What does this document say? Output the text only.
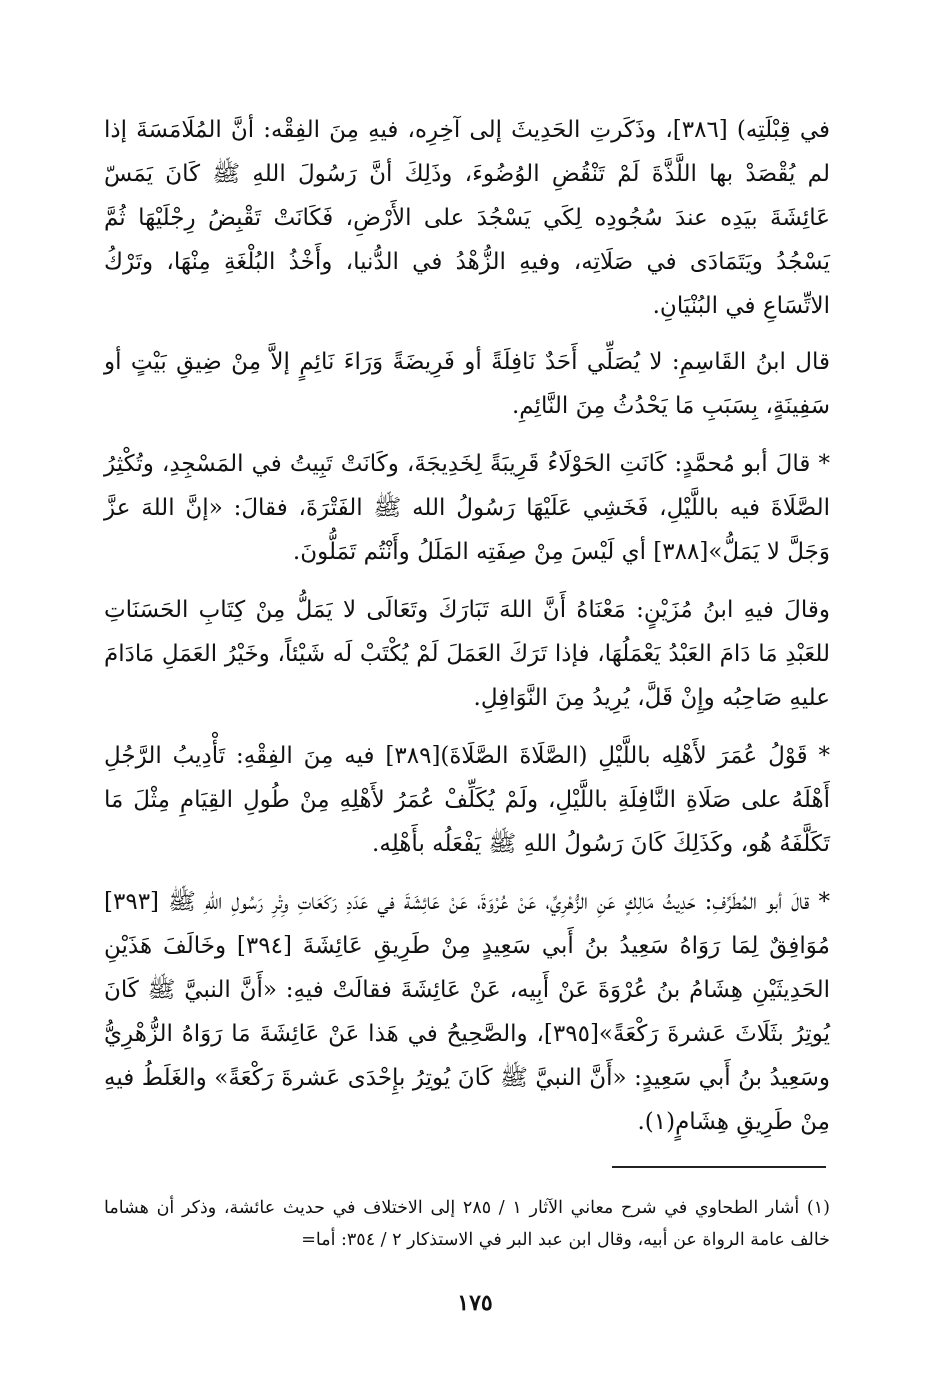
في قِبْلَتِه) [٣٨٦]، وذَكَرتِ الحَدِيثَ إلى آخِرِه، فيهِ مِنَ الفِقْه: أنَّ المُلَامَسَةَ إذا لم يُقْصَدْ بها اللَّذَّةَ لَمْ تَنْقُضِ الوُضُوءَ، وذَلِكَ أنَّ رَسُولَ اللهِ ﷺ كَانَ يَمَسّ عَائِشَةَ بيَدِه عندَ سُجُودِه لِكَي يَسْجُدَ على الأَرْضِ، فَكَانَتْ تَقْبِضُ رِجْلَيْهَا ثُمَّ يَسْجُدُ ويَتَمَادَى في صَلَاتِه، وفيهِ الزُّهْدُ في الدُّنيا، وأَخْذُ البُلْغَةِ مِنْهَا، وتَرْكُ الاتِّسَاعِ في البُنْيَانِ.

قال ابنُ القَاسِمِ: لا يُصَلِّي أَحَدٌ نَافِلَةً أو فَرِيضَةً وَرَاءَ نَائِمٍ إلاَّ مِنْ ضِيقِ بَيْتٍ أو سَفِينَةٍ، بِسَبَبِ مَا يَحْدُثُ مِنَ النَّائِمِ.

* قالَ أبو مُحمَّدٍ: كَانَتِ الحَوْلَاءُ قَرِيبَةً لِخَدِيجَةَ، وكَانَتْ تَبِيتُ في المَسْجِدِ، وتُكْثِرُ الصَّلَاةَ فيه باللَّيْلِ، فَخَشِي عَلَيْهَا رَسُولُ الله ﷺ الفَتْرَةَ، فقالَ: «إنَّ اللهَ عزَّ وَجَلَّ لا يَمَلُّ»[٣٨٨] أي لَيْسَ مِنْ صِفَتِه المَلَلُ وأَنْتُم تَمَلُّونَ.

وقالَ فيهِ ابنُ مُزَيْنٍ: مَعْنَاهُ أَنَّ اللهَ تَبَارَكَ وتَعَالَى لا يَمَلُّ مِنْ كِتَابِ الحَسَنَاتِ للعَبْدِ مَا دَامَ العَبْدُ يَعْمَلُهَا، فإذا تَرَكَ العَمَلَ لَمْ يُكْتَبْ لَه شَيْئاً، وخَيْرُ العَمَلِ مَادَامَ عليهِ صَاحِبُه وإِنْ قَلَّ، يُرِيدُ مِنَ النَّوَافِلِ.

* قَوْلُ عُمَرَ لأَهْلِه باللَّيْلِ (الصَّلَاةَ الصَّلَاةَ)[٣٨٩] فيه مِنَ الفِقْهِ: تَأْدِيبُ الرَّجُلِ أَهْلَهُ على صَلَاةِ النَّافِلَةِ باللَّيْلِ، ولَمْ يُكَلِّفْ عُمَرُ لأَهْلِهِ مِنْ طُولِ القِيَامِ مِثْلَ مَا تَكَلَّفَهُ هُو، وكَذَلِكَ كَانَ رَسُولُ اللهِ ﷺ يَفْعَلُه بأَهْلِه.

* قالَ أبو المُطَرِّفِ: حَدِيثُ مَالِكٍ عَنِ الزُّهْرِيِّ، عَنْ عُرْوَةَ، عَنْ عَائِشَةَ في عَدَدِ رَكَعَاتِ وِتْرِ رَسُولِ اللهِ ﷺ [٣٩٣] مُوَافِقٌ لِمَا رَوَاهُ سَعِيدُ بنُ أَبي سَعِيدٍ مِنْ طَرِيقِ عَائِشَةَ [٣٩٤] وخَالَفَ هَذَيْنِ الحَدِيثَيْنِ هِشَامُ بنُ عُرْوَةَ عَنْ أَبِيه، عَنْ عَائِشَةَ فقالَتْ فيهِ: «أَنَّ النبيَّ ﷺ كَانَ يُوتِرُ بثَلَاثَ عَشرةَ رَكْعَةً»[٣٩٥]، والصَّحِيحُ في هَذا عَنْ عَائِشَةَ مَا رَوَاهُ الزُّهْرِيُّ وسَعِيدُ بنُ أَبي سَعِيدٍ: «أَنَّ النبيَّ ﷺ كَانَ يُوتِرُ بإِحْدَى عَشرةَ رَكْعَةً» والغَلَطُ فيهِ مِنْ طَرِيقِ هِشَامٍ(١).

(١) أشار الطحاوي في شرح معاني الآثار ١ / ٢٨٥ إلى الاختلاف في حديث عائشة، وذكر أن هشاما خالف عامة الرواة عن أبيه، وقال ابن عبد البر في الاستذكار ٢ / ٣٥٤: أما=

١٧٥
